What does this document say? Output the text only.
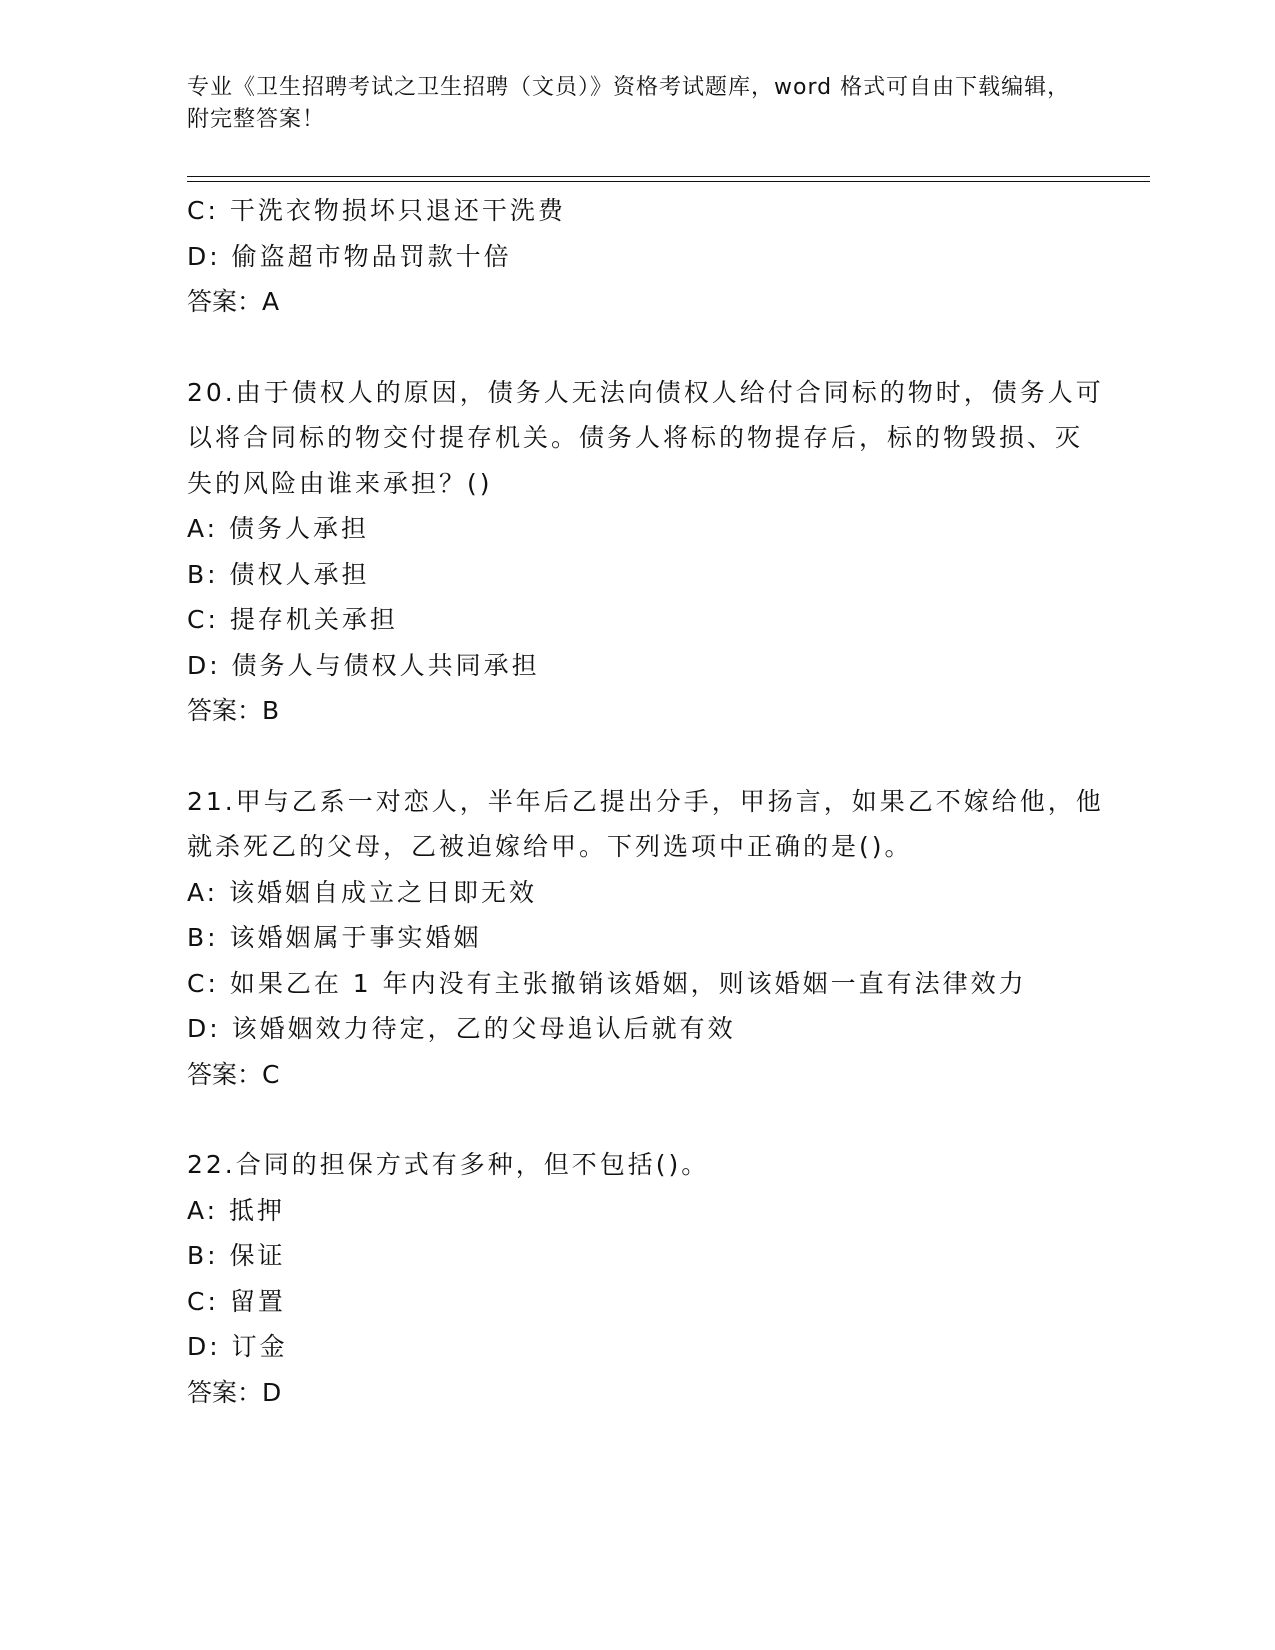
专业《卫生招聘考试之卫生招聘（文员）》资格考试题库，word 格式可自由下载编辑，附完整答案！
C: 干洗衣物损坏只退还干洗费
D: 偷盗超市物品罚款十倍
答案：A
20.由于债权人的原因，债务人无法向债权人给付合同标的物时，债务人可以将合同标的物交付提存机关。债务人将标的物提存后，标的物毁损、灭失的风险由谁来承担？()
A: 债务人承担
B: 债权人承担
C: 提存机关承担
D: 债务人与债权人共同承担
答案：B
21.甲与乙系一对恋人，半年后乙提出分手，甲扬言，如果乙不嫁给他，他就杀死乙的父母，乙被迫嫁给甲。下列选项中正确的是()。
A: 该婚姻自成立之日即无效
B: 该婚姻属于事实婚姻
C: 如果乙在 1 年内没有主张撤销该婚姻，则该婚姻一直有法律效力
D: 该婚姻效力待定，乙的父母追认后就有效
答案：C
22.合同的担保方式有多种，但不包括()。
A: 抵押
B: 保证
C: 留置
D: 订金
答案：D
